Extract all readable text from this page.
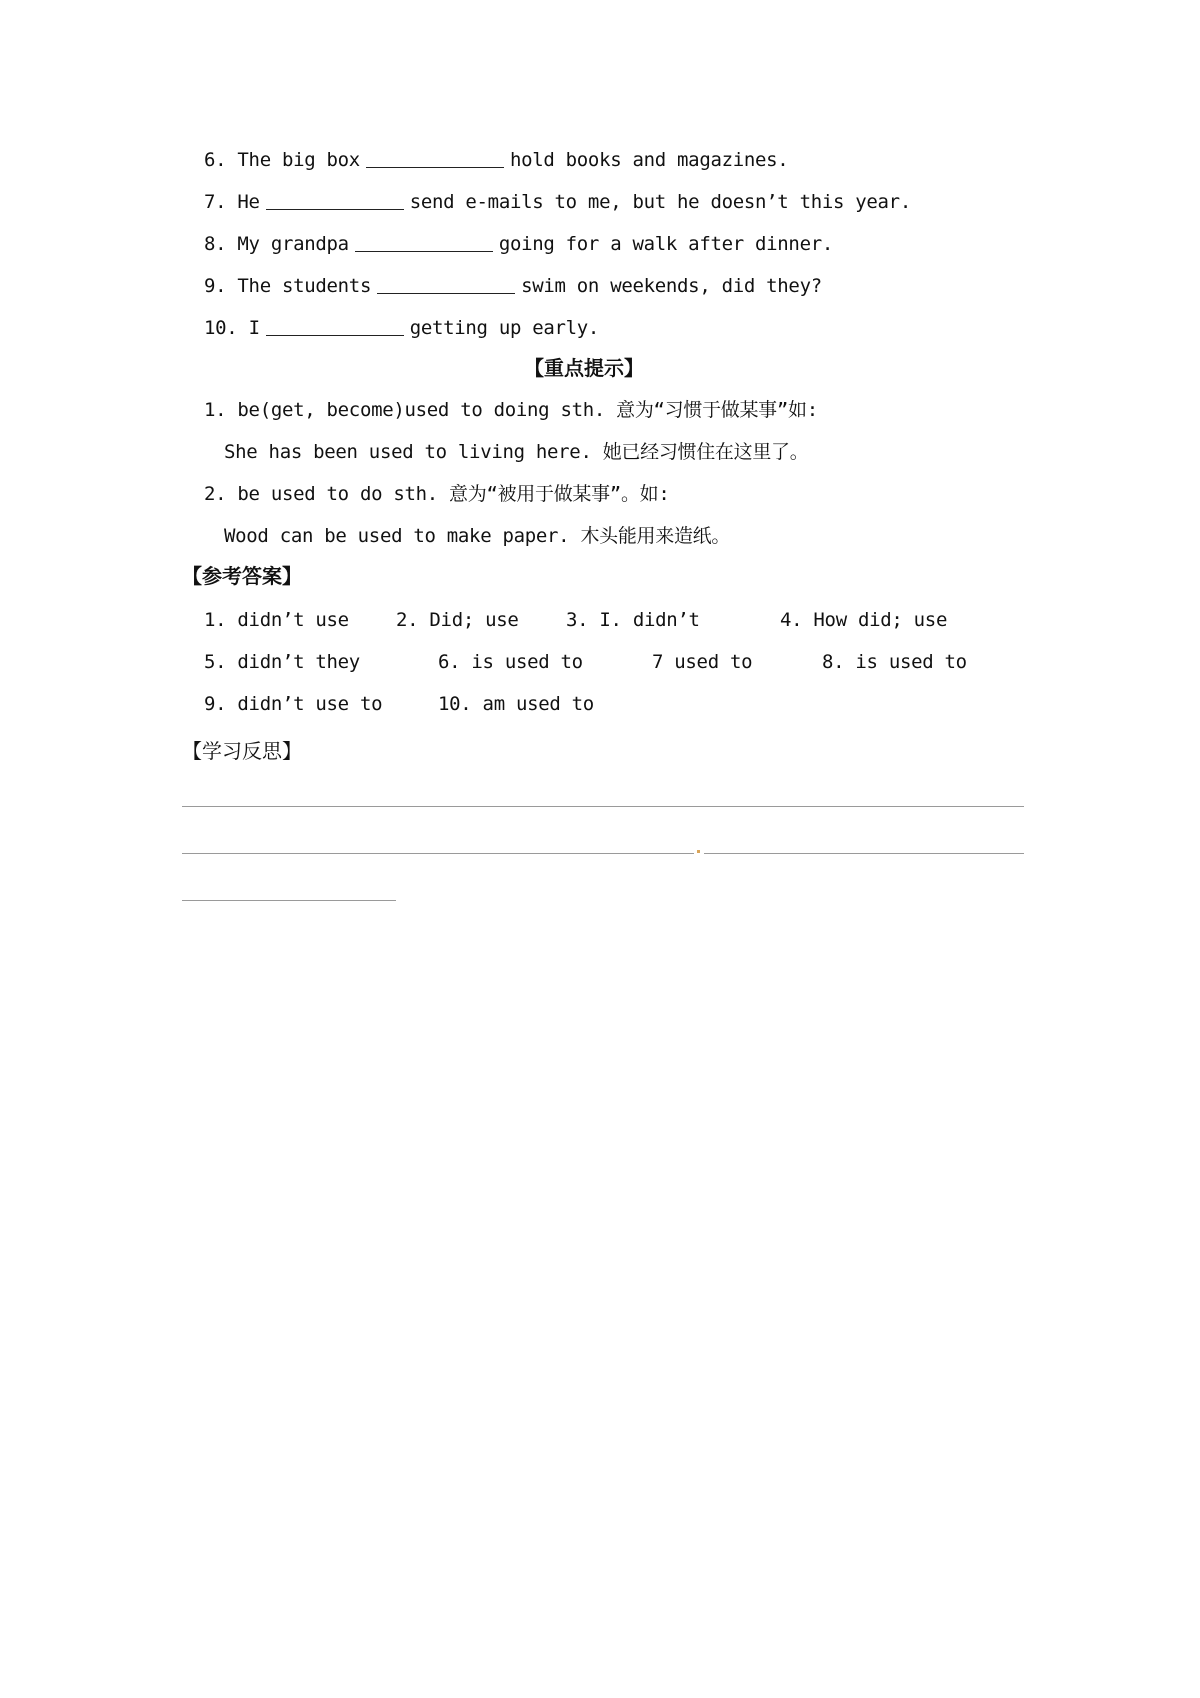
6. The big box	hold books and magazines.
7. He	send e-mails to me, but he doesn’t this year.
8. My grandpa	going for a walk after dinner.
9. The students	swim on weekends, did they?
10. I	getting up early.
【重点提示】
1. be(get, become)used to doing sth. 意为“习惯于做某事”如:
She has been used to living here. 她已经习惯住在这里了。
2. be used to do sth. 意为“被用于做某事”。如:
Wood can be used to make paper. 木头能用来造纸。
【参考答案】
1. didn’t use 2. Did; use 3. I. didn’t	4. How did; use
5. didn’t they	6. is used to	7 used to	8. is used to
9. didn’t use to	10. am used to
【学习反思】
